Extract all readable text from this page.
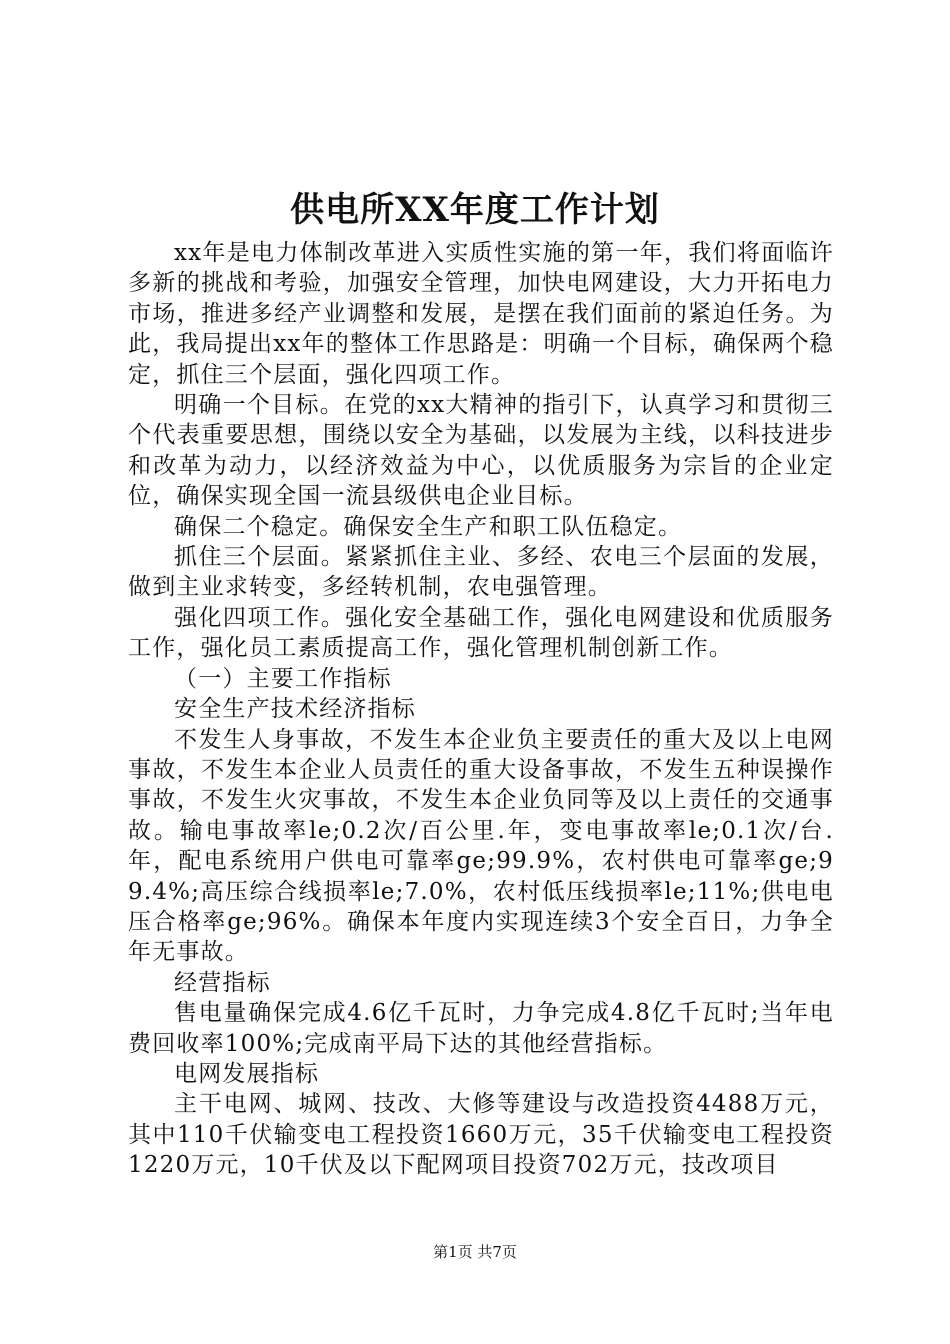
供电所XX年度工作计划

xx年是电力体制改革进入实质性实施的第一年，我们将面临许多新的挑战和考验，加强安全管理，加快电网建设，大力开拓电力市场，推进多经产业调整和发展，是摆在我们面前的紧迫任务。为此，我局提出xx年的整体工作思路是：明确一个目标，确保两个稳定，抓住三个层面，强化四项工作。

明确一个目标。在党的xx大精神的指引下，认真学习和贯彻三个代表重要思想，围绕以安全为基础，以发展为主线，以科技进步和改革为动力，以经济效益为中心，以优质服务为宗旨的企业定位，确保实现全国一流县级供电企业目标。

确保二个稳定。确保安全生产和职工队伍稳定。

抓住三个层面。紧紧抓住主业、多经、农电三个层面的发展，做到主业求转变，多经转机制，农电强管理。

强化四项工作。强化安全基础工作，强化电网建设和优质服务工作，强化员工素质提高工作，强化管理机制创新工作。

（一）主要工作指标

安全生产技术经济指标

不发生人身事故，不发生本企业负主要责任的重大及以上电网事故，不发生本企业人员责任的重大设备事故，不发生五种误操作事故，不发生火灾事故，不发生本企业负同等及以上责任的交通事故。输电事故率le;0.2次/百公里.年，变电事故率le;0.1次/台.年，配电系统用户供电可靠率ge;99.9%，农村供电可靠率ge;99.4%;高压综合线损率le;7.0%，农村低压线损率le;11%;供电电压合格率ge;96%。确保本年度内实现连续3个安全百日，力争全年无事故。

经营指标

售电量确保完成4.6亿千瓦时，力争完成4.8亿千瓦时;当年电费回收率100%;完成南平局下达的其他经营指标。

电网发展指标

主干电网、城网、技改、大修等建设与改造投资4488万元，其中110千伏输变电工程投资1660万元，35千伏输变电工程投资1220万元，10千伏及以下配网项目投资702万元，技改项目

第1页 共7页
